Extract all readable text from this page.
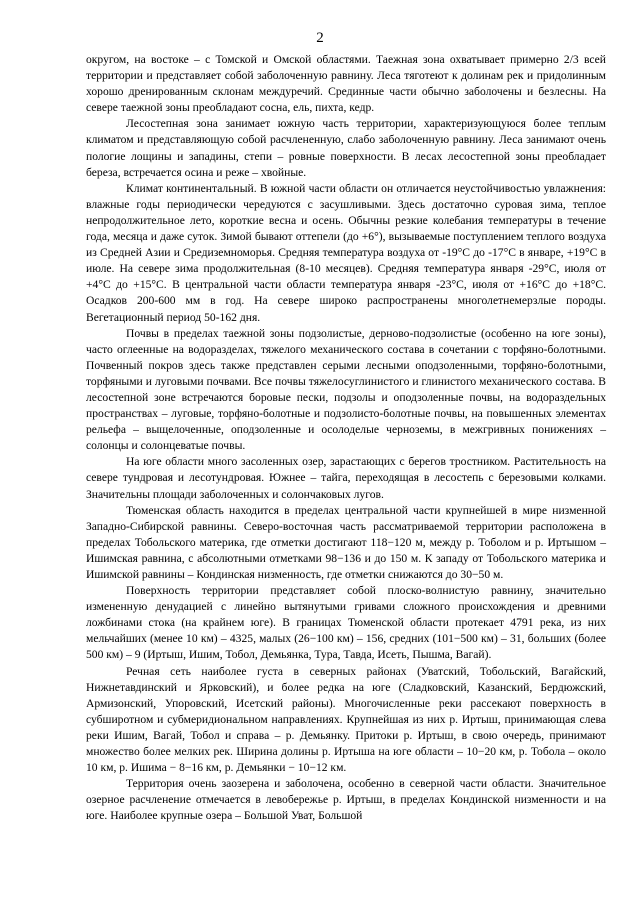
2

округом, на востоке – с Томской и Омской областями. Таежная зона охватывает примерно 2/3 всей территории и представляет собой заболоченную равнину. Леса тяготеют к долинам рек и придолинным хорошо дренированным склонам междуречий. Срединные части обычно заболочены и безлесны. На севере таежной зоны преобладают сосна, ель, пихта, кедр.

Лесостепная зона занимает южную часть территории, характеризующуюся более теплым климатом и представляющую собой расчлененную, слабо заболоченную равнину. Леса занимают очень пологие лощины и западины, степи – ровные поверхности. В лесах лесостепной зоны преобладает береза, встречается осина и реже – хвойные.

Климат континентальный. В южной части области он отличается неустойчивостью увлажнения: влажные годы периодически чередуются с засушливыми. Здесь достаточно суровая зима, теплое непродолжительное лето, короткие весна и осень. Обычны резкие колебания температуры в течение года, месяца и даже суток. Зимой бывают оттепели (до +6°), вызываемые поступлением теплого воздуха из Средней Азии и Средиземноморья. Средняя температура воздуха от -19°С до -17°С в январе, +19°С в июле. На севере зима продолжительная (8-10 месяцев). Средняя температура января -29°С, июля от +4°С до +15°С. В центральной части области температура января -23°С, июля от +16°С до +18°С. Осадков 200-600 мм в год. На севере широко распространены многолетнемерзлые породы. Вегетационный период 50-162 дня.

Почвы в пределах таежной зоны подзолистые, дерново-подзолистые (особенно на юге зоны), часто оглеенные на водоразделах, тяжелого механического состава в сочетании с торфяно-болотными. Почвенный покров здесь также представлен серыми лесными оподзоленными, торфяно-болотными, торфяными и луговыми почвами. Все почвы тяжелосуглинистого и глинистого механического состава. В лесостепной зоне встречаются боровые пески, подзолы и оподзоленные почвы, на водораздельных пространствах – луговые, торфяно-болотные и подзолисто-болотные почвы, на повышенных элементах рельефа – выщелоченные, оподзоленные и оcолоделые черноземы, в межгривных понижениях – солонцы и солонцеватые почвы.

На юге области много засоленных озер, зарастающих с берегов тростником. Растительность на севере тундровая и лесотундровая. Южнее – тайга, переходящая в лесостепь с березовыми колками. Значительны площади заболоченных и солончаковых лугов.

Тюменская область находится в пределах центральной части крупнейшей в мире низменной Западно-Сибирской равнины. Северо-восточная часть рассматриваемой территории расположена в пределах Тобольского материка, где отметки достигают 118−120 м, между р. Тоболом и р. Иртышом – Ишимская равнина, с абсолютными отметками 98−136 и до 150 м. К западу от Тобольского материка и Ишимской равнины – Кондинская низменность, где отметки снижаются до 30−50 м.

Поверхность территории представляет собой плоско-волнистую равнину, значительно измененную денудацией с линейно вытянутыми гривами сложного происхождения и древними ложбинами стока (на крайнем юге). В границах Тюменской области протекает 4791 река, из них мельчайших (менее 10 км) – 4325, малых (26−100 км) – 156, средних (101−500 км) – 31, больших (более 500 км) – 9 (Иртыш, Ишим, Тобол, Демьянка, Тура, Тавда, Исеть, Пышма, Вагай).

Речная сеть наиболее густа в северных районах (Уватский, Тобольский, Вагайский, Нижнетавдинский и Ярковский), и более редка на юге (Сладковский, Казанский, Бердюжский, Армизонский, Упоровский, Исетский районы). Многочисленные реки рассекают поверхность в субширотном и субмеридиональном направлениях. Крупнейшая из них р. Иртыш, принимающая слева реки Ишим, Вагай, Тобол и справа – р. Демьянку. Притоки р. Иртыш, в свою очередь, принимают множество более мелких рек. Ширина долины р. Иртыша на юге области – 10−20 км, р. Тобола – около 10 км, р. Ишима − 8−16 км, р. Демьянки − 10−12 км.

Территория очень заозерена и заболочена, особенно в северной части области. Значительное озерное расчленение отмечается в левобережье р. Иртыш, в пределах Кондинской низменности и на юге. Наиболее крупные озера – Большой Уват, Большой
